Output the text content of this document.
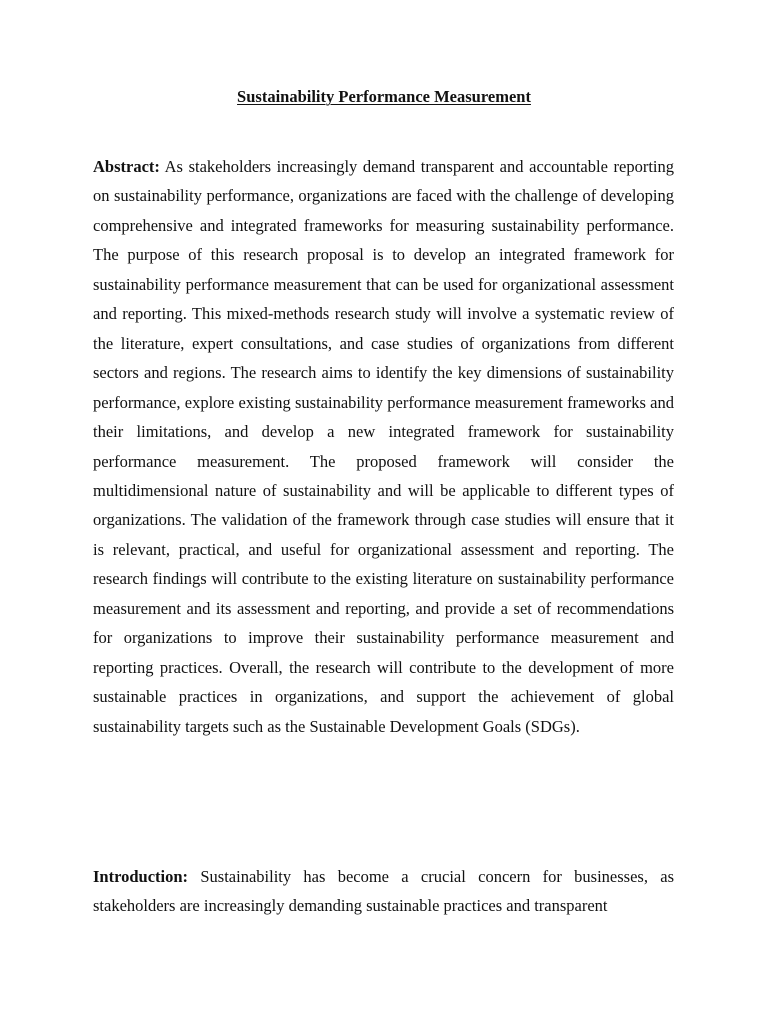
Sustainability Performance Measurement

Abstract: As stakeholders increasingly demand transparent and accountable reporting on sustainability performance, organizations are faced with the challenge of developing comprehensive and integrated frameworks for measuring sustainability performance. The purpose of this research proposal is to develop an integrated framework for sustainability performance measurement that can be used for organizational assessment and reporting. This mixed-methods research study will involve a systematic review of the literature, expert consultations, and case studies of organizations from different sectors and regions. The research aims to identify the key dimensions of sustainability performance, explore existing sustainability performance measurement frameworks and their limitations, and develop a new integrated framework for sustainability performance measurement. The proposed framework will consider the multidimensional nature of sustainability and will be applicable to different types of organizations. The validation of the framework through case studies will ensure that it is relevant, practical, and useful for organizational assessment and reporting. The research findings will contribute to the existing literature on sustainability performance measurement and its assessment and reporting, and provide a set of recommendations for organizations to improve their sustainability performance measurement and reporting practices. Overall, the research will contribute to the development of more sustainable practices in organizations, and support the achievement of global sustainability targets such as the Sustainable Development Goals (SDGs).

Introduction: Sustainability has become a crucial concern for businesses, as stakeholders are increasingly demanding sustainable practices and transparent
